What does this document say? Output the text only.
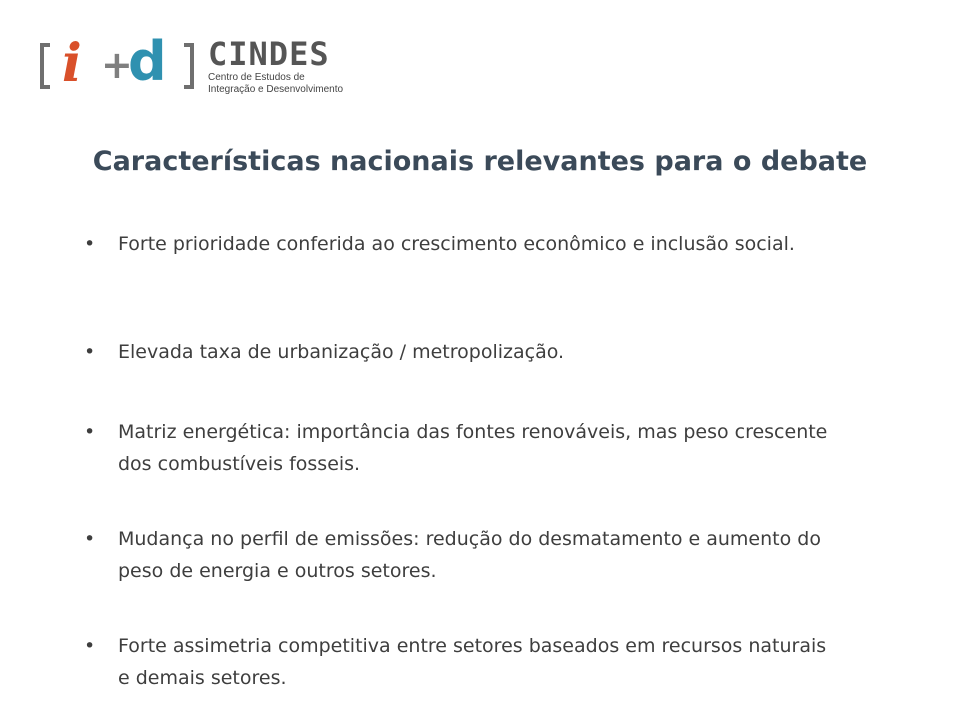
i +
d CINDES
Centro de Estudos de
Integração e Desenvolvimento
Características nacionais relevantes para o debate
•	Forte prioridade conferida ao crescimento econômico e inclusão social.
•	Elevada taxa de urbanização / metropolização.
•	Matriz energética: importância das fontes renováveis, mas peso crescente dos combustíveis fosseis.
•	Mudança no perfil de emissões: redução do desmatamento e aumento do peso de energia e outros setores.
•	Forte assimetria competitiva entre setores baseados em recursos naturais e demais setores.
